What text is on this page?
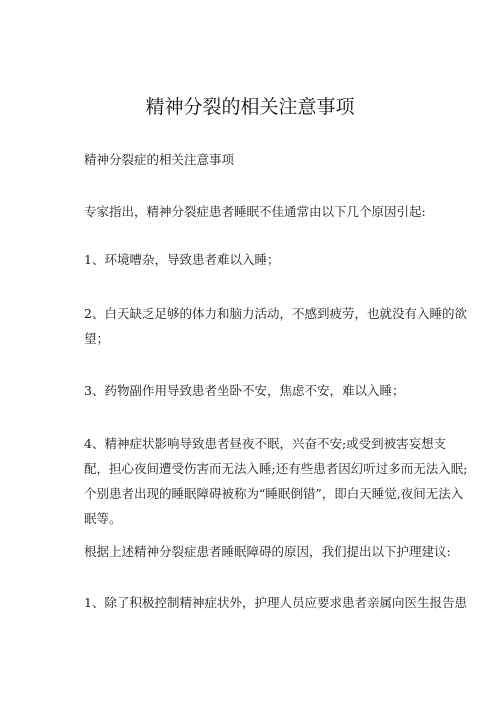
精神分裂的相关注意事项

精神分裂症的相关注意事项

专家指出，精神分裂症患者睡眠不佳通常由以下几个原因引起:

1、环境嘈杂，导致患者难以入睡；

2、白天缺乏足够的体力和脑力活动，不感到疲劳，也就没有入睡的欲望；

3、药物副作用导致患者坐卧不安，焦虑不安，难以入睡；

4、精神症状影响导致患者昼夜不眠，兴奋不安;或受到被害妄想支配，担心夜间遭受伤害而无法入睡;还有些患者因幻听过多而无法入眠;个别患者出现的睡眠障碍被称为“睡眠倒错”，即白天睡觉,夜间无法入眠等。

根据上述精神分裂症患者睡眠障碍的原因，我们提出以下护理建议:

1、除了积极控制精神症状外，护理人员应要求患者亲属向医生报告患
